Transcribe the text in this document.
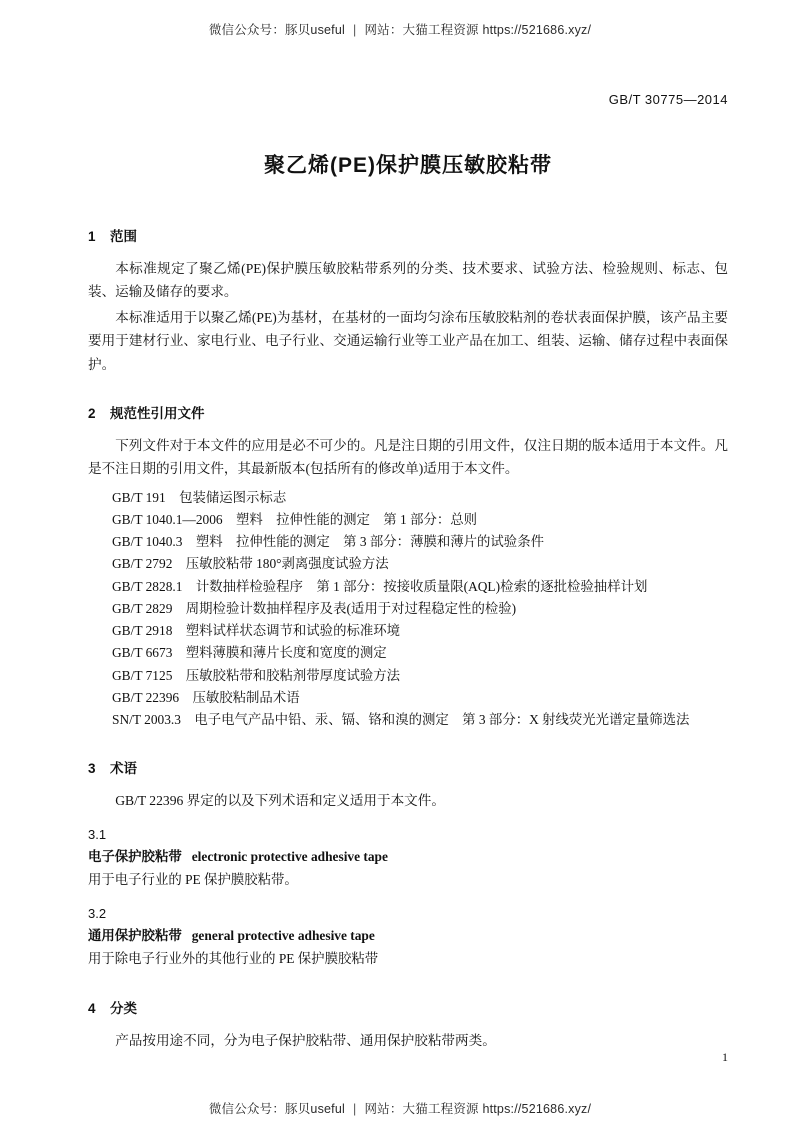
微信公众号：豚贝useful | 网站：大猫工程资源 https://521686.xyz/
GB/T 30775—2014
聚乙烯(PE)保护膜压敏胶粘带
1 范围

本标准规定了聚乙烯(PE)保护膜压敏胶粘带系列的分类、技术要求、试验方法、检验规则、标志、包装、运输及储存的要求。

本标准适用于以聚乙烯(PE)为基材，在基材的一面均匀涂布压敏胶粘剂的卷状表面保护膜，该产品主要要用于建材行业、家电行业、电子行业、交通运输行业等工业产品在加工、组装、运输、储存过程中表面保护。

2 规范性引用文件

下列文件对于本文件的应用是必不可少的。凡是注日期的引用文件，仅注日期的版本适用于本文件。凡是不注日期的引用文件，其最新版本(包括所有的修改单)适用于本文件。

GB/T 191　包装储运图示标志
GB/T 1040.1—2006　塑料　拉伸性能的测定　第 1 部分：总则
GB/T 1040.3　塑料　拉伸性能的测定　第 3 部分：薄膜和薄片的试验条件
GB/T 2792　压敏胶粘带 180°剥离强度试验方法
GB/T 2828.1　计数抽样检验程序　第 1 部分：按接收质量限(AQL)检索的逐批检验抽样计划
GB/T 2829　周期检验计数抽样程序及表(适用于对过程稳定性的检验)
GB/T 2918　塑料试样状态调节和试验的标准环境
GB/T 6673　塑料薄膜和薄片长度和宽度的测定
GB/T 7125　压敏胶粘带和胶粘剂带厚度试验方法
GB/T 22396　压敏胶粘制品术语
SN/T 2003.3　电子电气产品中铅、汞、镉、铬和溴的测定　第 3 部分：X 射线荧光光谱定量筛选法
3 术语

GB/T 22396 界定的以及下列术语和定义适用于本文件。

3.1

电子保护胶粘带 electronic protective adhesive tape

用于电子行业的 PE 保护膜胶粘带。

3.2

通用保护胶粘带 general protective adhesive tape

用于除电子行业外的其他行业的 PE 保护膜胶粘带

4 分类

产品按用途不同，分为电子保护胶粘带、通用保护胶粘带两类。

1
微信公众号：豚贝useful | 网站：大猫工程资源 https://521686.xyz/
